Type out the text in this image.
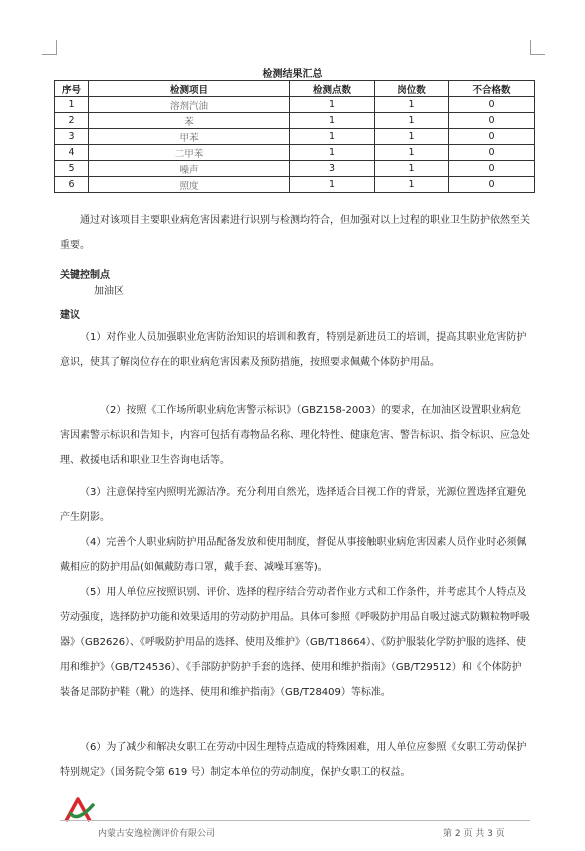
检测结果汇总
序号	检测项目	检测点数	岗位数	不合格数
1	溶剂汽油	1	1	0
2	苯	1	1	0
3	甲苯	1	1	0
4	二甲苯	1	1	0
5	噪声	3	1	0
6	照度	1	1	0

通过对该项目主要职业病危害因素进行识别与检测均符合，但加强对以上过程的职业卫生防护依然至关重要。

关键控制点

加油区

建议

（1）对作业人员加强职业危害防治知识的培训和教育，特别是新进员工的培训，提高其职业危害防护意识，使其了解岗位存在的职业病危害因素及预防措施，按照要求佩戴个体防护用品。

（2）按照《工作场所职业病危害警示标识》（GBZ158-2003）的要求，在加油区设置职业病危害因素警示标识和告知卡，内容可包括有毒物品名称、理化特性、健康危害、警告标识、指令标识、应急处理、救援电话和职业卫生咨询电话等。

（3）注意保持室内照明光源洁净。充分利用自然光，选择适合目视工作的背景，光源位置选择宜避免产生阴影。

（4）完善个人职业病防护用品配备发放和使用制度，督促从事接触职业病危害因素人员作业时必须佩戴相应的防护用品(如佩戴防毒口罩，戴手套、减噪耳塞等)。

（5）用人单位应按照识别、评价、选择的程序结合劳动者作业方式和工作条件，并考虑其个人特点及劳动强度，选择防护功能和效果适用的劳动防护用品。具体可参照《呼吸防护用品自吸过滤式防颗粒物呼吸器》（GB2626）、《呼吸防护用品的选择、使用及维护》（GB/T18664）、《防护服装化学防护服的选择、使用和维护》（GB/T24536）、《手部防护防护手套的选择、使用和维护指南》（GB/T29512）和《个体防护装备足部防护鞋（靴）的选择、使用和维护指南》（GB/T28409）等标准。

（6）为了减少和解决女职工在劳动中因生理特点造成的特殊困难，用人单位应参照《女职工劳动保护特别规定》（国务院令第 619 号）制定本单位的劳动制度，保护女职工的权益。

内蒙古安逸检测评价有限公司	第 2 页 共 3 页
